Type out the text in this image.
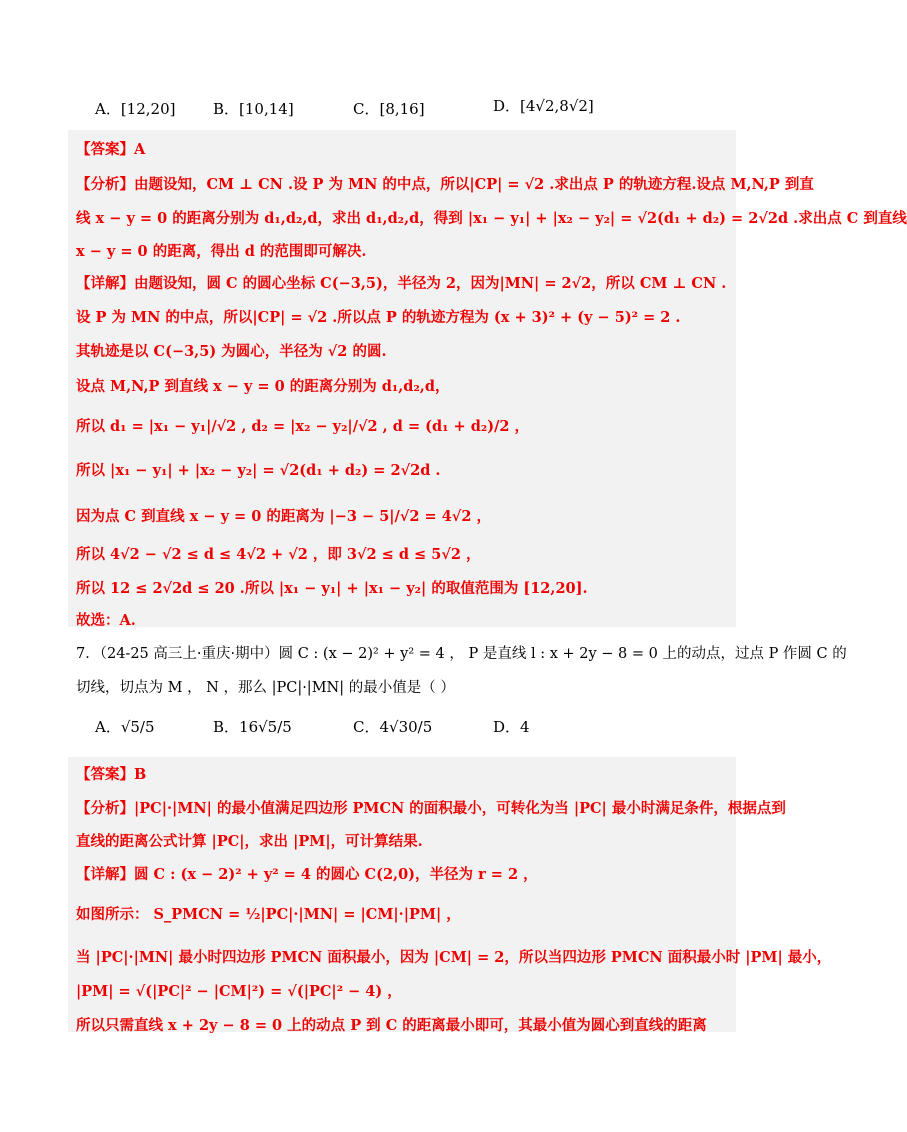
A．[12,20]	B．[10,14]	C．[8,16]	D．[4√2,8√2]
【答案】A
【分析】由题设知，CM ⊥ CN .设 P 为 MN 的中点，所以|CP| = √2 .求出点 P 的轨迹方程.设点 M,N,P 到直
线 x − y = 0 的距离分别为 d₁,d₂,d，求出 d₁,d₂,d，得到 |x₁ − y₁| + |x₂ − y₂| = √2(d₁ + d₂) = 2√2d .求出点 C 到直线
x − y = 0 的距离，得出 d 的范围即可解决.
【详解】由题设知，圆 C 的圆心坐标 C(−3,5)，半径为 2，因为|MN| = 2√2，所以 CM ⊥ CN .
设 P 为 MN 的中点，所以|CP| = √2 .所以点 P 的轨迹方程为 (x + 3)² + (y − 5)² = 2 .
其轨迹是以 C(−3,5) 为圆心，半径为 √2 的圆.
设点 M,N,P 到直线 x − y = 0 的距离分别为 d₁,d₂,d，
所以 d₁ = |x₁ − y₁|/√2 , d₂ = |x₂ − y₂|/√2 , d = (d₁ + d₂)/2 ，
所以 |x₁ − y₁| + |x₂ − y₂| = √2(d₁ + d₂) = 2√2d .
因为点 C 到直线 x − y = 0 的距离为 |−3 − 5|/√2 = 4√2 ，
所以 4√2 − √2 ≤ d ≤ 4√2 + √2 ，即 3√2 ≤ d ≤ 5√2 ，
所以 12 ≤ 2√2d ≤ 20 .所以 |x₁ − y₁| + |x₁ − y₂| 的取值范围为 [12,20].
故选：A.
7．（24-25 高三上·重庆·期中）圆 C : (x − 2)² + y² = 4 ， P 是直线 l : x + 2y − 8 = 0 上的动点，过点 P 作圆 C 的
切线，切点为 M ， N ，那么 |PC|·|MN| 的最小值是（ ）
A．√5/5	B．16√5/5	C．4√30/5	D．4
【答案】B
【分析】|PC|·|MN| 的最小值满足四边形 PMCN 的面积最小，可转化为当 |PC| 最小时满足条件，根据点到
直线的距离公式计算 |PC|，求出 |PM|，可计算结果.
【详解】圆 C : (x − 2)² + y² = 4 的圆心 C(2,0)，半径为 r = 2 ，
如图所示： S_PMCN = ½|PC|·|MN| = |CM|·|PM| ，
当 |PC|·|MN| 最小时四边形 PMCN 面积最小，因为 |CM| = 2，所以当四边形 PMCN 面积最小时 |PM| 最小，
|PM| = √(|PC|² − |CM|²) = √(|PC|² − 4) ，
所以只需直线 x + 2y − 8 = 0 上的动点 P 到 C 的距离最小即可，其最小值为圆心到直线的距离
